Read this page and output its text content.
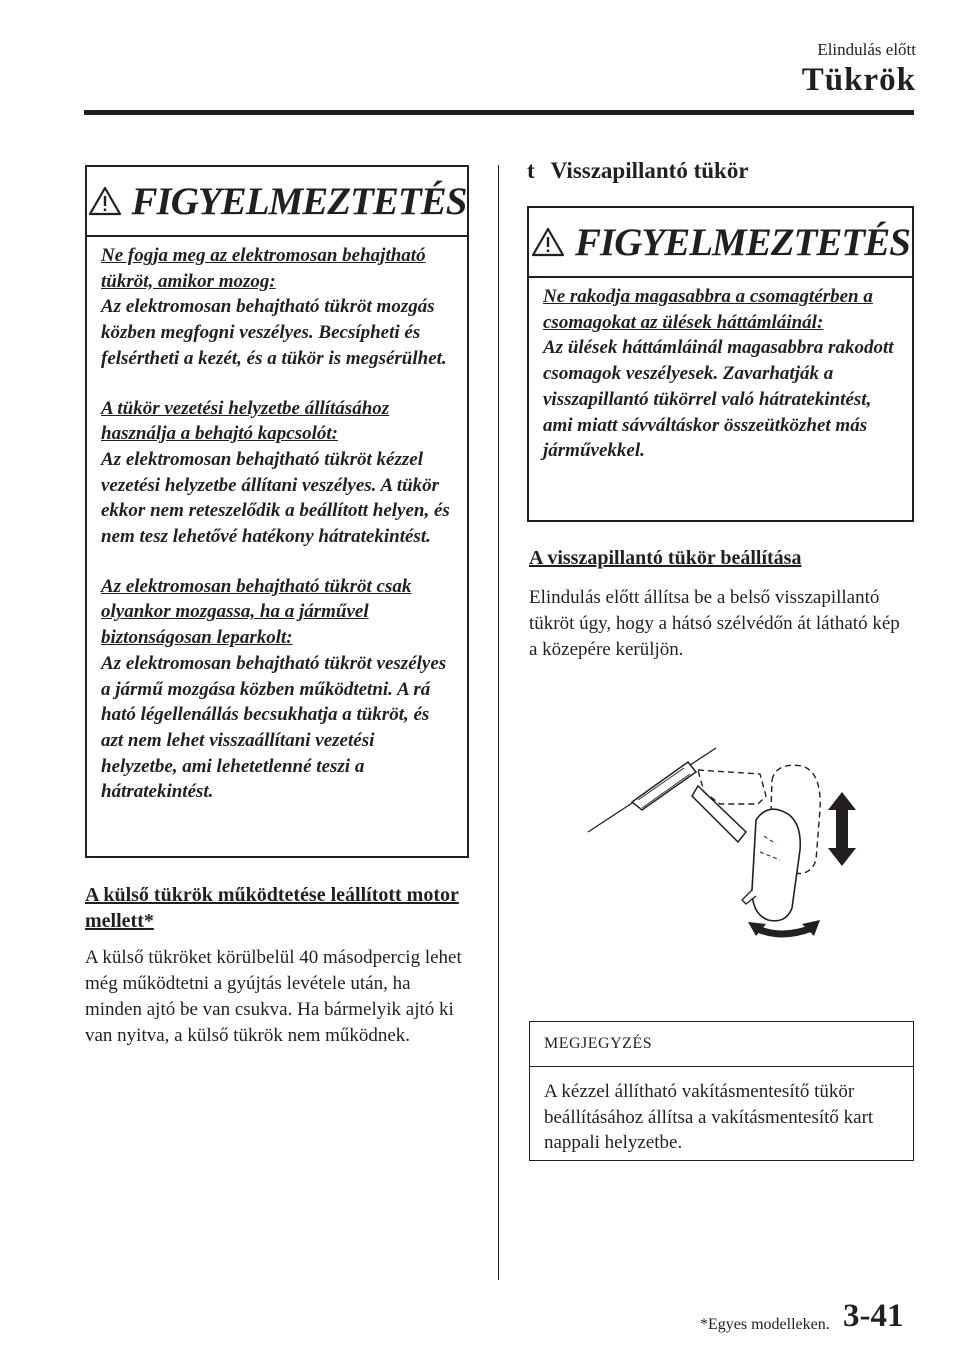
Elindulás előtt
Tükrök
FIGYELMEZTETÉS

Ne fogja meg az elektromosan behajtható tükröt, amikor mozog:
Az elektromosan behajtható tükröt mozgás közben megfogni veszélyes. Becsípheti és felsértheti a kezét, és a tükör is megsérülhet.

A tükör vezetési helyzetbe állításához használja a behajtó kapcsolót:
Az elektromosan behajtható tükröt kézzel vezetési helyzetbe állítani veszélyes. A tükör ekkor nem reteszelődik a beállított helyen, és nem tesz lehetővé hatékony hátratekintést.

Az elektromosan behajtható tükröt csak olyankor mozgassa, ha a járművel biztonságosan leparkolt:
Az elektromosan behajtható tükröt veszélyes a jármű mozgása közben működtetni. A rá ható légellenállás becsukhatja a tükröt, és azt nem lehet visszaállítani vezetési helyzetbe, ami lehetetlenné teszi a hátratekintést.

A külső tükrök működtetése leállított motor mellett*
A külső tükröket körülbelül 40 másodpercig lehet még működtetni a gyújtás levétele után, ha minden ajtó be van csukva. Ha bármelyik ajtó ki van nyitva, a külső tükrök nem működnek.
t Visszapillantó tükör
FIGYELMEZTETÉS

Ne rakodja magasabbra a csomagtérben a csomagokat az ülések háttámláinál:
Az ülések háttámláinál magasabbra rakodott csomagok veszélyesek. Zavarhatják a visszapillantó tükörrel való hátratekintést, ami miatt sávváltáskor összeütközhet más járművekkel.

A visszapillantó tükör beállítása
Elindulás előtt állítsa be a belső visszapillantó tükröt úgy, hogy a hátsó szélvédőn át látható kép a közepére kerüljön.
MEGJEGYZÉS
A kézzel állítható vakításmentesítő tükör beállításához állítsa a vakításmentesítő kart nappali helyzetbe.
*Egyes modelleken. 3-41
